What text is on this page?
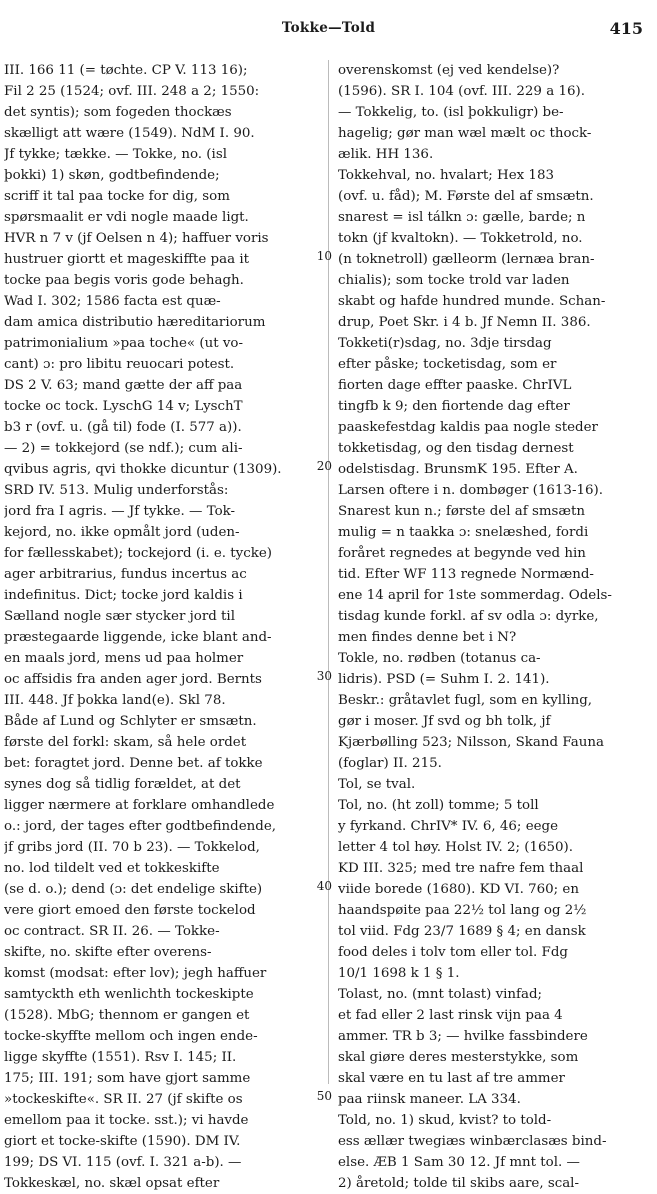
Tokke—Told	415
III. 166 11 (= tøchte. CP V. 113 16);
Fil 2 25 (1524; ovf. III. 248 a 2; 1550:
det syntis); som fogeden thockæs
skælligt att wære (1549). NdM I. 90.
Jf tykke; tække. — Tokke, no. (isl
þokki) 1) skøn, godtbefindende;
scriff it tal paa tocke for dig, som
spørsmaalit er vdi nogle maade ligt.
HVR n 7 v (jf Oelsen n 4); haffuer voris
hustruer giortt et mageskiffte paa it
tocke paa begis voris gode behagh.
Wad I. 302; 1586 facta est quæ-
dam amica distributio hæreditariorum
patrimonialium »paa toche« (ut vo-
cant) ɔ: pro libitu reuocari potest.
DS 2 V. 63; mand gætte der aff paa
tocke oc tock. LyschG 14 v; LyschT
b3 r (ovf. u. (gå til) fode (I. 577 a)).
— 2) = tokkejord (se ndf.); cum ali-
qvibus agris, qvi thokke dicuntur (1309).
SRD IV. 513. Mulig underforstås:
jord fra I agris. — Jf tykke. — Tok-
kejord, no. ikke opmålt jord (uden-
for fællesskabet); tockejord (i. e. tycke)
ager arbitrarius, fundus incertus ac
indefinitus. Dict; tocke jord kaldis i
Sælland nogle sær stycker jord til
præstegaarde liggende, icke blant and-
en maals jord, mens ud paa holmer
oc affsidis fra anden ager jord. Bernts
III. 448. Jf þokka land(e). Skl 78.
Både af Lund og Schlyter er smsætn.
første del forkl: skam, så hele ordet
bet: foragtet jord. Denne bet. af tokke
synes dog så tidlig forældet, at det
ligger nærmere at forklare omhandlede
o.: jord, der tages efter godtbefindende,
jf gribs jord (II. 70 b 23). — Tokkelod,
no. lod tildelt ved et tokkeskifte
(se d. o.); dend (ɔ: det endelige skifte)
vere giort emoed den første tockelod
oc contract. SR II. 26. — Tokke-
skifte, no. skifte efter overens-
komst (modsat: efter lov); jegh haffuer
samtyckth eth wenlichth tockeskipte
(1528). MbG; thennom er gangen et
tocke-skyffte mellom och ingen ende-
ligge skyffte (1551). Rsv I. 145; II.
175; III. 191; som have gjort samme
»tockeskifte«. SR II. 27 (jf skifte os
emellom paa it tocke. sst.); vi havde
giort et tocke-skifte (1590). DM IV.
199; DS VI. 115 (ovf. I. 321 a-b). —
Tokkeskæl, no. skæl opsat efter
10
20
30
40
50
overenskomst (ej ved kendelse)?
(1596). SR I. 104 (ovf. III. 229 a 16).
— Tokkelig, to. (isl þokkuligr) be-
hagelig; gør man wæl mælt oc thock-
ælik. HH 136.
Tokkehval, no. hvalart; Hex 183
(ovf. u. fåd); M. Første del af smsætn.
snarest = isl tálkn ɔ: gælle, barde; n
tokn (jf kvaltokn). — Tokketrold, no.
(n toknetroll) gælleorm (lernæa bran-
chialis); som tocke trold var laden
skabt og hafde hundred munde. Schan-
drup, Poet Skr. i 4 b. Jf Nemn II. 386.
Tokketi(r)sdag, no. 3dje tirsdag
efter påske; tocketisdag, som er
fiorten dage effter paaske. ChrIVL
tingfb k 9; den fiortende dag efter
paaskefestdag kaldis paa nogle steder
tokketisdag, og den tisdag dernest
odelstisdag. BrunsmK 195. Efter A.
Larsen oftere i n. dombøger (1613-16).
Snarest kun n.; første del af smsætn
mulig = n taakka ɔ: snelæshed, fordi
foråret regnedes at begynde ved hin
tid. Efter WF 113 regnede Normænd-
ene 14 april for 1ste sommerdag. Odels-
tisdag kunde forkl. af sv odla ɔ: dyrke,
men findes denne bet i N?
Tokle, no. rødben (totanus ca-
lidris). PSD (= Suhm I. 2. 141).
Beskr.: gråtavlet fugl, som en kylling,
gør i moser. Jf svd og bh tolk, jf
Kjærbølling 523; Nilsson, Skand Fauna
(foglar) II. 215.
Tol, se tval.
Tol, no. (ht zoll) tomme; 5 toll
y fyrkand. ChrIV* IV. 6, 46; eege
letter 4 tol høy. Holst IV. 2; (1650).
KD III. 325; med tre nafre fem thaal
viide borede (1680). KD VI. 760; en
haandspøite paa 22½ tol lang og 2½
tol viid. Fdg 23/7 1689 § 4; en dansk
food deles i tolv tom eller tol. Fdg
10/1 1698 k 1 § 1.
Tolast, no. (mnt tolast) vinfad;
et fad eller 2 last rinsk vijn paa 4
ammer. TR b 3; — hvilke fassbindere
skal giøre deres mesterstykke, som
skal være en tu last af tre ammer
paa riinsk maneer. LA 334.
Told, no. 1) skud, kvist? to told-
ess ællær twegiæs winbærclasæs bind-
else. ÆB 1 Sam 30 12. Jf mnt tol. —
2) åretold; tolde til skibs aare, scal-
